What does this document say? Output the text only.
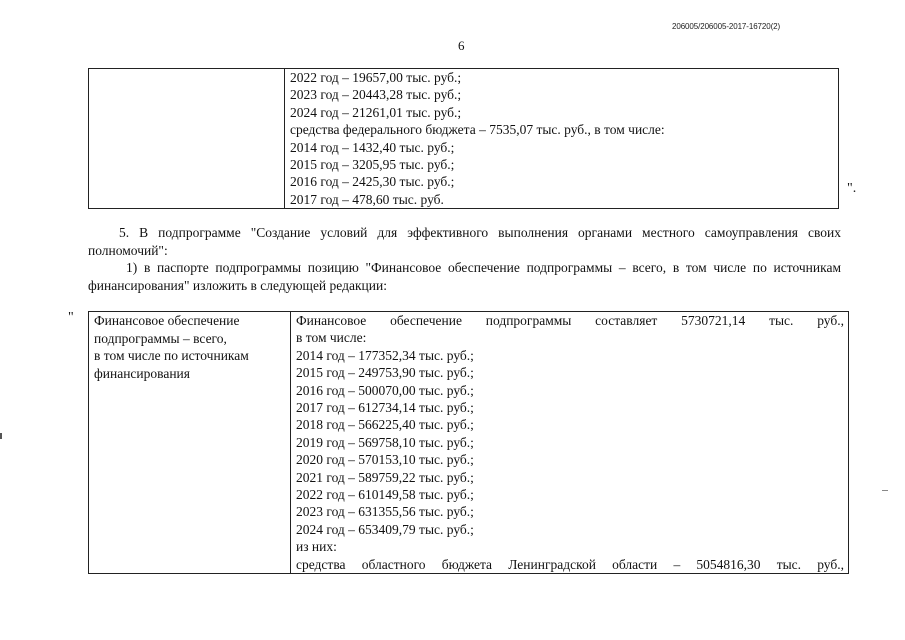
206005/206005-2017-16720(2)
6

2022 год – 19657,00 тыс. руб.;
2023 год – 20443,28 тыс. руб.;
2024 год – 21261,01 тыс. руб.;
средства федерального бюджета – 7535,07 тыс. руб., в том числе:
2014 год – 1432,40 тыс. руб.;
2015 год – 3205,95 тыс. руб.;
2016 год – 2425,30 тыс. руб.;
2017 год – 478,60 тыс. руб.
".
5. В подпрограмме "Создание условий для эффективного выполнения органами местного самоуправления своих полномочий":
1) в паспорте подпрограммы позицию "Финансовое обеспечение подпрограммы – всего, в том числе по источникам финансирования" изложить в следующей редакции:
" Финансовое обеспечение
подпрограммы – всего,
в том числе по источникам
финансирования

Финансовое обеспечение подпрограммы составляет 5730721,14 тыс. руб.,
в том числе:
2014 год – 177352,34 тыс. руб.;
2015 год – 249753,90 тыс. руб.;
2016 год – 500070,00 тыс. руб.;
2017 год – 612734,14 тыс. руб.;
2018 год – 566225,40 тыс. руб.;
2019 год – 569758,10 тыс. руб.;
2020 год – 570153,10 тыс. руб.;
2021 год – 589759,22 тыс. руб.;
2022 год – 610149,58 тыс. руб.;
2023 год – 631355,56 тыс. руб.;
2024 год – 653409,79 тыс. руб.;
из них:
средства областного бюджета Ленинградской области – 5054816,30 тыс. руб.,
